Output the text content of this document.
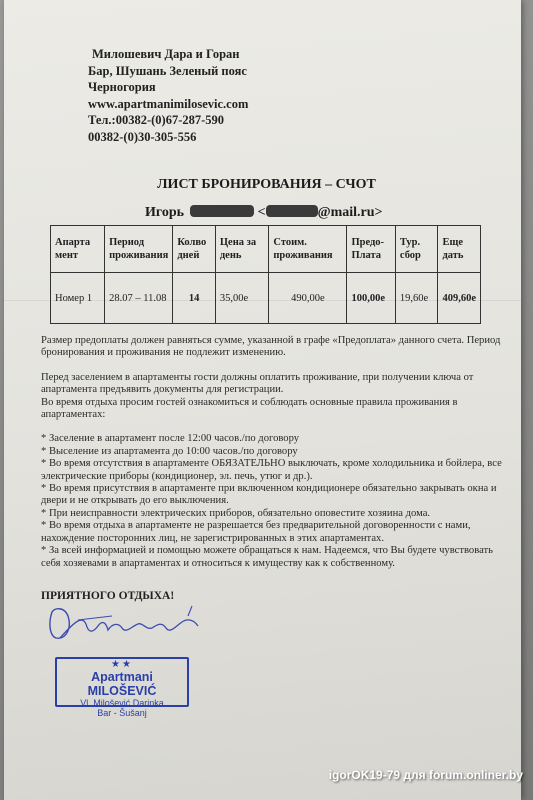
Милошевич Дара и Горан
Бар, Шушань Зеленый пояс
Черногория
www.apartmanimilosevic.com
Тел.:00382-(0)67-287-590
00382-(0)30-305-556
ЛИСТ БРОНИРОВАНИЯ – СЧОТ
Игорь	<	@mail.ru>
Апарта мент	Период проживания	Колво дней	Цена за день	Стоим. проживания	Предо- Плата	Тур. сбор	Еще дать
Номер 1	28.07 – 11.08	14	35,00е	490,00е	100,00е	19,60е	409,60е

Размер предоплаты должен равняться сумме, указанной в графе «Предоплата» данного счета. Период бронирования и проживания не подлежит изменению.

Перед заселением в апартаменты гости должны оплатить проживание, при получении ключа от апартамента предъявить документы для регистрации.

Во время отдыха просим гостей ознакомиться и соблюдать основные правила проживания в апартаментах:

* Заселение в апартамент после 12:00 часов./по договору

* Выселение из апартамента до 10:00 часов./по договору

* Во время отсутствия в апартаменте ОБЯЗАТЕЛЬНО выключать, кроме холодильника и бойлера, все электрические приборы (кондиционер, эл. печь, утюг и др.).

* Во время присутствия в апартаменте при включенном кондиционере обязательно закрывать окна и двери и не открывать до его выключения.

* При неисправности электрических приборов, обязательно оповестите хозяина дома.

* Во время отдыха в апартаменте не разрешается без предварительной договоренности с нами, нахождение посторонних лиц, не зарегистрированных в этих апартаментах.

* За всей информацией и помощью можете обращаться к нам. Надеемся, что Вы будете чувствовать себя хозяевами в апартаментах и относиться к имуществу как к собственному.

ПРИЯТНОГО ОТДЫХА!
★★
Apartmani MILOŠEVIĆ
Vl. Milošević Darinka
Bar - Šušanj
igorOK19-79 для forum.onliner.by
